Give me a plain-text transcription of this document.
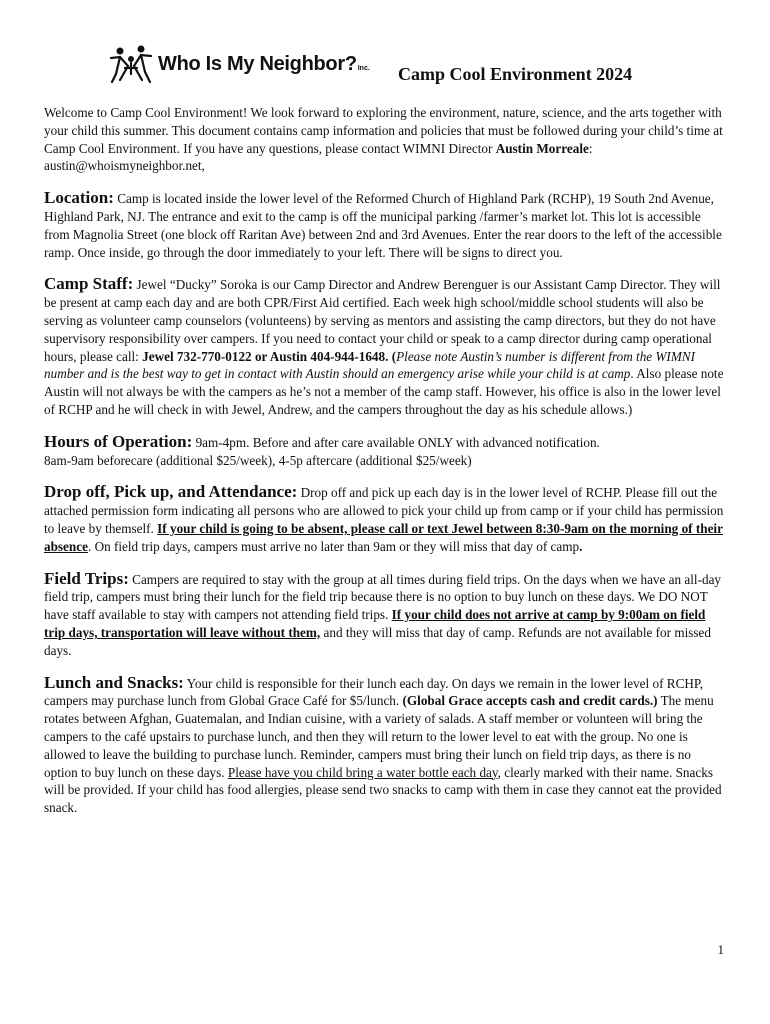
Who Is My Neighbor? Inc. Camp Cool Environment 2024

Welcome to Camp Cool Environment! We look forward to exploring the environment, nature, science, and the arts together with your child this summer. This document contains camp information and policies that must be followed during your child’s time at Camp Cool Environment. If you have any questions, please contact WIMNI Director Austin Morreale: austin@whoismyneighbor.net,

Location: Camp is located inside the lower level of the Reformed Church of Highland Park (RCHP), 19 South 2nd Avenue, Highland Park, NJ. The entrance and exit to the camp is off the municipal parking /farmer’s market lot. This lot is accessible from Magnolia Street (one block off Raritan Ave) between 2nd and 3rd Avenues. Enter the rear doors to the left of the accessible ramp. Once inside, go through the door immediately to your left. There will be signs to direct you.

Camp Staff: Jewel “Ducky” Soroka is our Camp Director and Andrew Berenguer is our Assistant Camp Director. They will be present at camp each day and are both CPR/First Aid certified. Each week high school/middle school students will also be serving as volunteer camp counselors (volunteens) by serving as mentors and assisting the camp directors, but they do not have supervisory responsibility over campers. If you need to contact your child or speak to a camp director during camp operational hours, please call: Jewel 732-770-0122 or Austin 404-944-1648. (Please note Austin’s number is different from the WIMNI number and is the best way to get in contact with Austin should an emergency arise while your child is at camp. Also please note Austin will not always be with the campers as he’s not a member of the camp staff. However, his office is also in the lower level of RCHP and he will check in with Jewel, Andrew, and the campers throughout the day as his schedule allows.)

Hours of Operation: 9am-4pm. Before and after care available ONLY with advanced notification.
8am-9am beforecare (additional $25/week), 4-5p aftercare (additional $25/week)

Drop off, Pick up, and Attendance: Drop off and pick up each day is in the lower level of RCHP. Please fill out the attached permission form indicating all persons who are allowed to pick your child up from camp or if your child has permission to leave by themself. If your child is going to be absent, please call or text Jewel between 8:30-9am on the morning of their absence. On field trip days, campers must arrive no later than 9am or they will miss that day of camp.

Field Trips: Campers are required to stay with the group at all times during field trips. On the days when we have an all-day field trip, campers must bring their lunch for the field trip because there is no option to buy lunch on these days. We DO NOT have staff available to stay with campers not attending field trips. If your child does not arrive at camp by 9:00am on field trip days, transportation will leave without them, and they will miss that day of camp. Refunds are not available for missed days.

Lunch and Snacks: Your child is responsible for their lunch each day. On days we remain in the lower level of RCHP, campers may purchase lunch from Global Grace Café for $5/lunch. (Global Grace accepts cash and credit cards.) The menu rotates between Afghan, Guatemalan, and Indian cuisine, with a variety of salads. A staff member or volunteen will bring the campers to the café upstairs to purchase lunch, and then they will return to the lower level to eat with the group. No one is allowed to leave the building to purchase lunch. Reminder, campers must bring their lunch on field trip days, as there is no option to buy lunch on these days. Please have you child bring a water bottle each day, clearly marked with their name. Snacks will be provided. If your child has food allergies, please send two snacks to camp with them in case they cannot eat the provided snack.

1
